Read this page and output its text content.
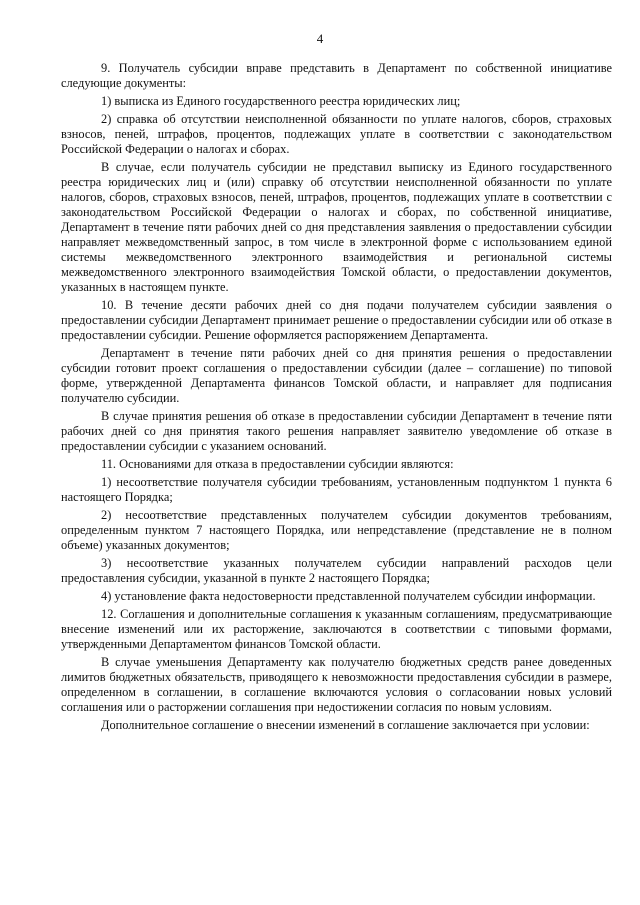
4

9. Получатель субсидии вправе представить в Департамент по собственной инициативе следующие документы:

1) выписка из Единого государственного реестра юридических лиц;

2) справка об отсутствии неисполненной обязанности по уплате налогов, сборов, страховых взносов, пеней, штрафов, процентов, подлежащих уплате в соответствии с законодательством Российской Федерации о налогах и сборах.

В случае, если получатель субсидии не представил выписку из Единого государственного реестра юридических лиц и (или) справку об отсутствии неисполненной обязанности по уплате налогов, сборов, страховых взносов, пеней, штрафов, процентов, подлежащих уплате в соответствии с законодательством Российской Федерации о налогах и сборах, по собственной инициативе, Департамент в течение пяти рабочих дней со дня представления заявления о предоставлении субсидии направляет межведомственный запрос, в том числе в электронной форме с использованием единой системы межведомственного электронного взаимодействия и региональной системы межведомственного электронного взаимодействия Томской области, о предоставлении документов, указанных в настоящем пункте.

10. В течение десяти рабочих дней со дня подачи получателем субсидии заявления о предоставлении субсидии Департамент принимает решение о предоставлении субсидии или об отказе в предоставлении субсидии. Решение оформляется распоряжением Департамента.

Департамент в течение пяти рабочих дней со дня принятия решения о предоставлении субсидии готовит проект соглашения о предоставлении субсидии (далее – соглашение) по типовой форме, утвержденной Департамента финансов Томской области, и направляет для подписания получателю субсидии.

В случае принятия решения об отказе в предоставлении субсидии Департамент в течение пяти рабочих дней со дня принятия такого решения направляет заявителю уведомление об отказе в предоставлении субсидии с указанием оснований.

11. Основаниями для отказа в предоставлении субсидии являются:

1) несоответствие получателя субсидии требованиям, установленным подпунктом 1 пункта 6 настоящего Порядка;

2) несоответствие представленных получателем субсидии документов требованиям, определенным пунктом 7 настоящего Порядка, или непредставление (представление не в полном объеме) указанных документов;

3) несоответствие указанных получателем субсидии направлений расходов цели предоставления субсидии, указанной в пункте 2 настоящего Порядка;

4) установление факта недостоверности представленной получателем субсидии информации.

12. Соглашения и дополнительные соглашения к указанным соглашениям, предусматривающие внесение изменений или их расторжение, заключаются в соответствии с типовыми формами, утвержденными Департаментом финансов Томской области.

В случае уменьшения Департаменту как получателю бюджетных средств ранее доведенных лимитов бюджетных обязательств, приводящего к невозможности предоставления субсидии в размере, определенном в соглашении, в соглашение включаются условия о согласовании новых условий соглашения или о расторжении соглашения при недостижении согласия по новым условиям.

Дополнительное соглашение о внесении изменений в соглашение заключается при условии:
